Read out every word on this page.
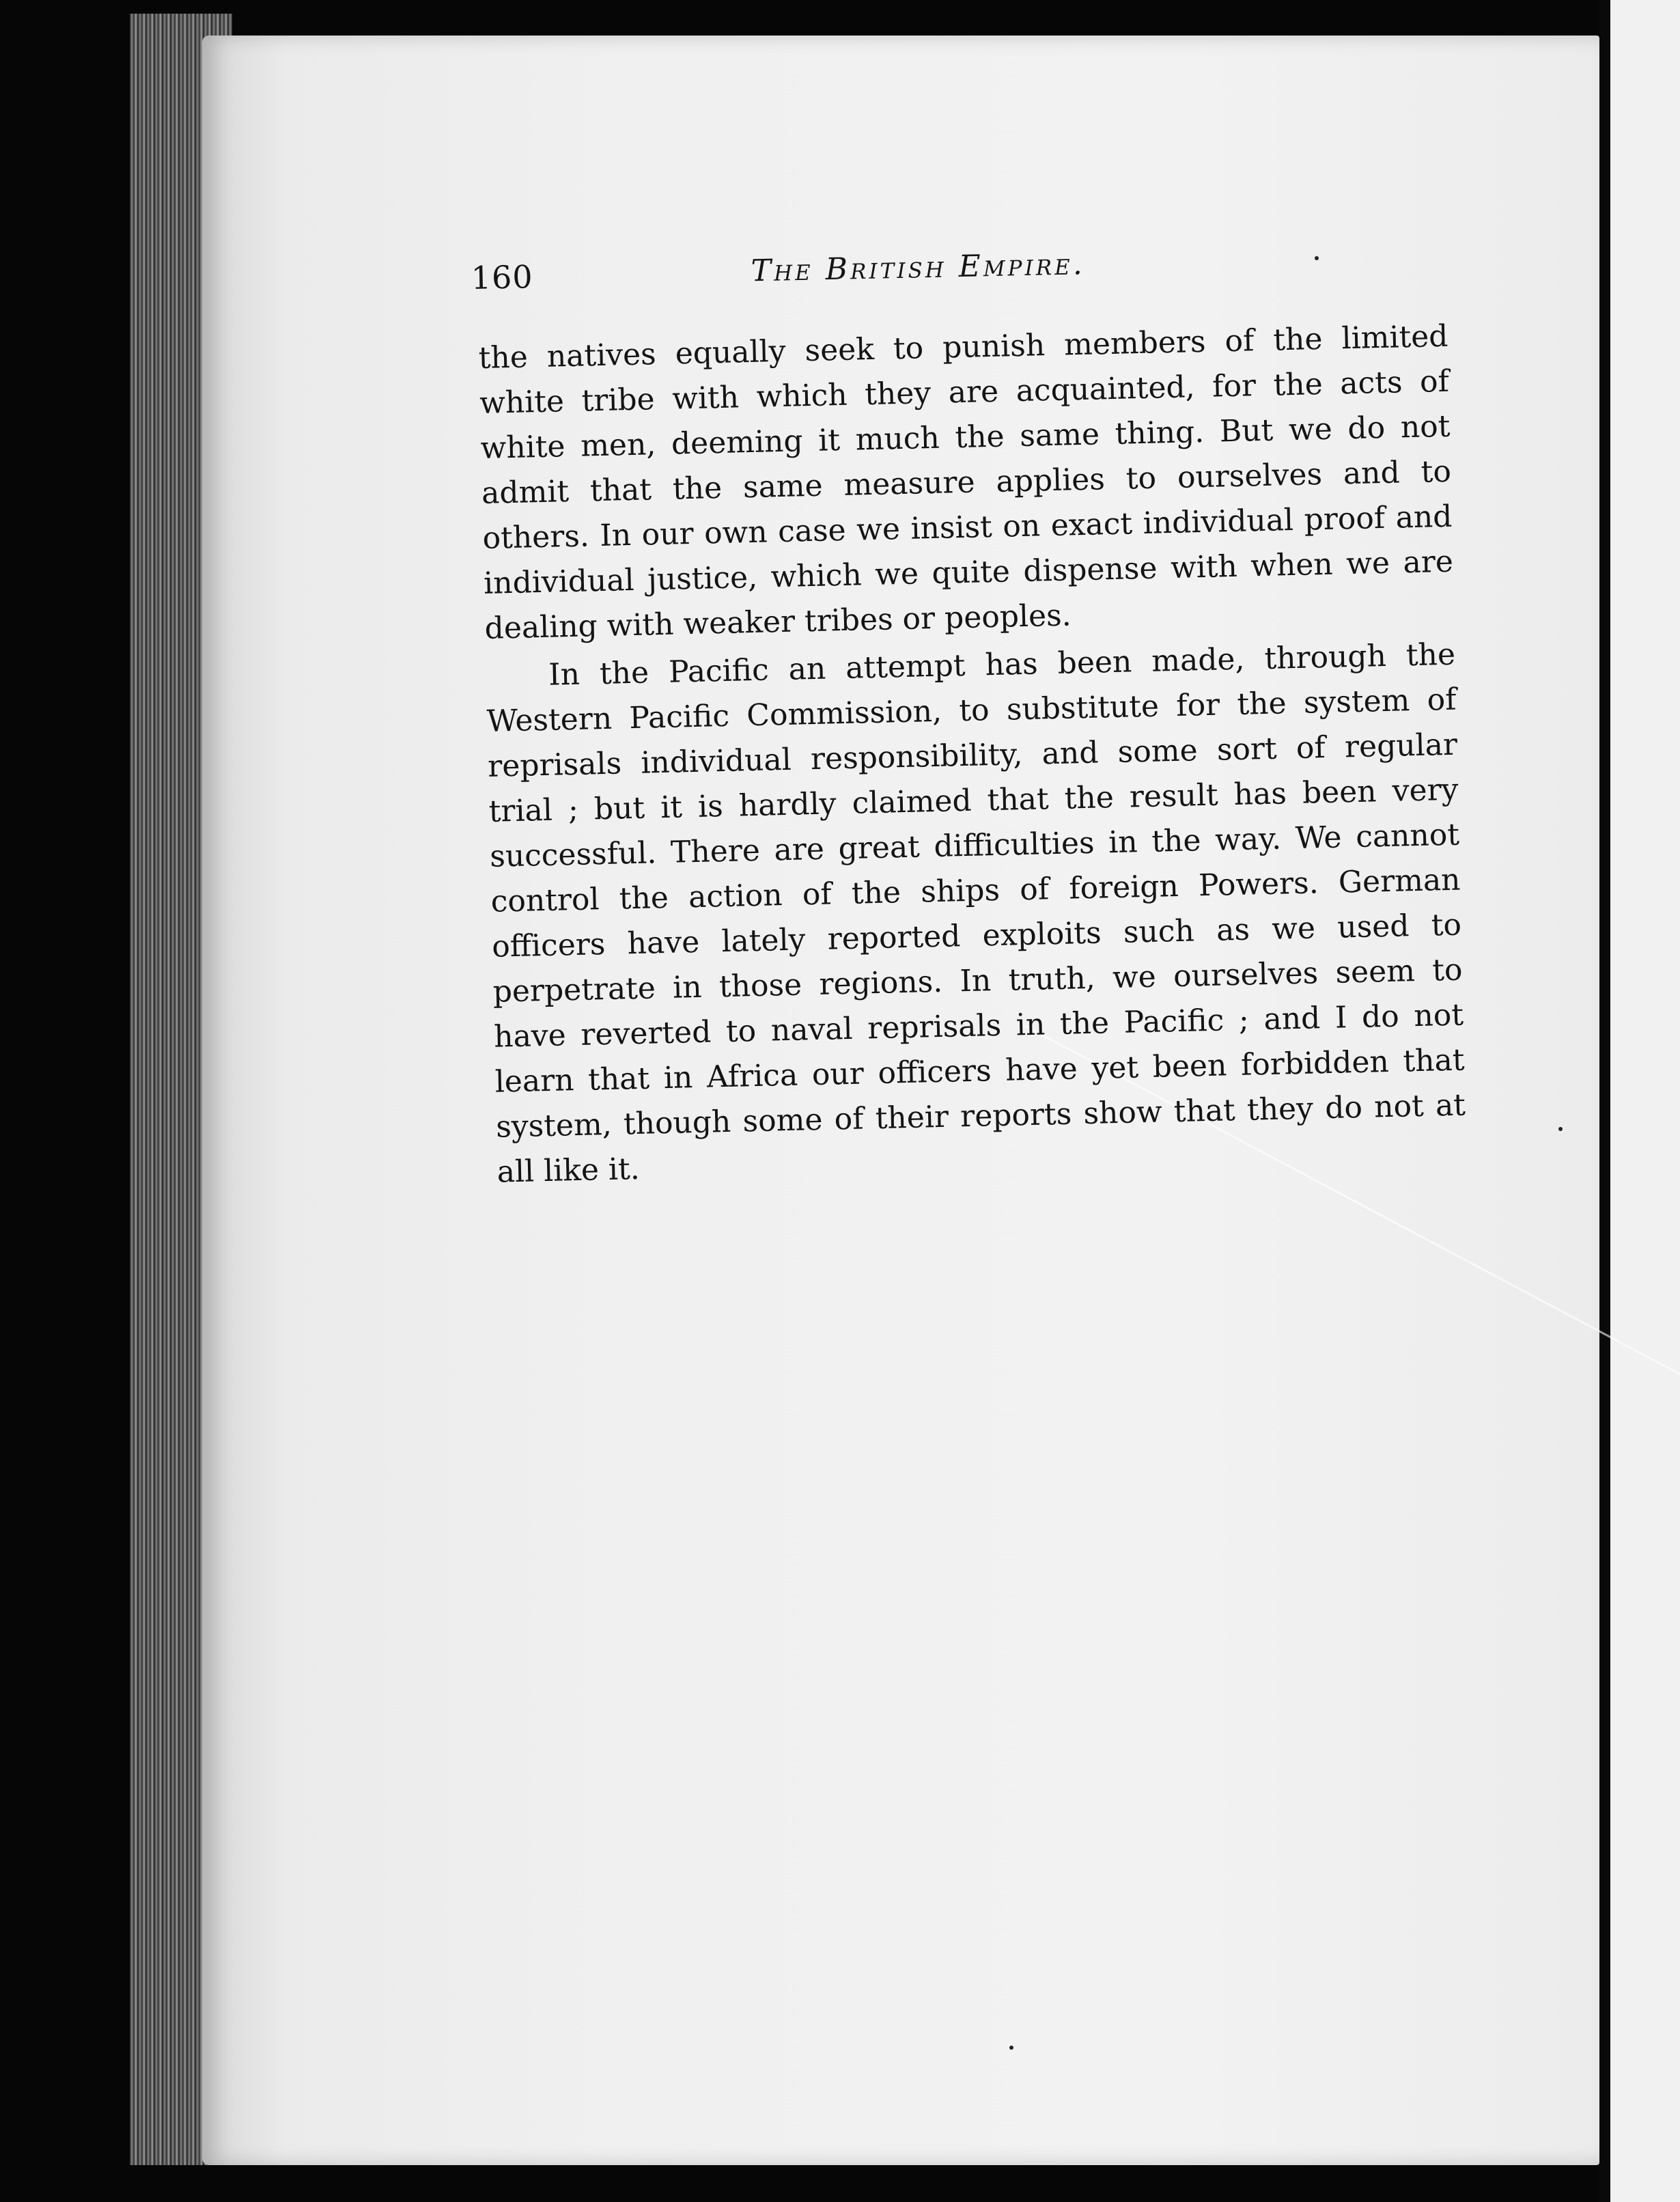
160	The British Empire.

the natives equally seek to punish members of the limited white tribe with which they are acquainted, for the acts of white men, deeming it much the same thing. But we do not admit that the same measure applies to ourselves and to others. In our own case we insist on exact individual proof and individual justice, which we quite dispense with when we are dealing with weaker tribes or peoples.

In the Pacific an attempt has been made, through the Western Pacific Commission, to substitute for the system of reprisals individual responsibility, and some sort of regular trial ; but it is hardly claimed that the result has been very successful. There are great difficulties in the way. We cannot control the action of the ships of foreign Powers. German officers have lately reported exploits such as we used to perpetrate in those regions. In truth, we ourselves seem to have reverted to naval reprisals in the Pacific ; and I do not learn that in Africa our officers have yet been forbidden that system, though some of their reports show that they do not at all like it.
